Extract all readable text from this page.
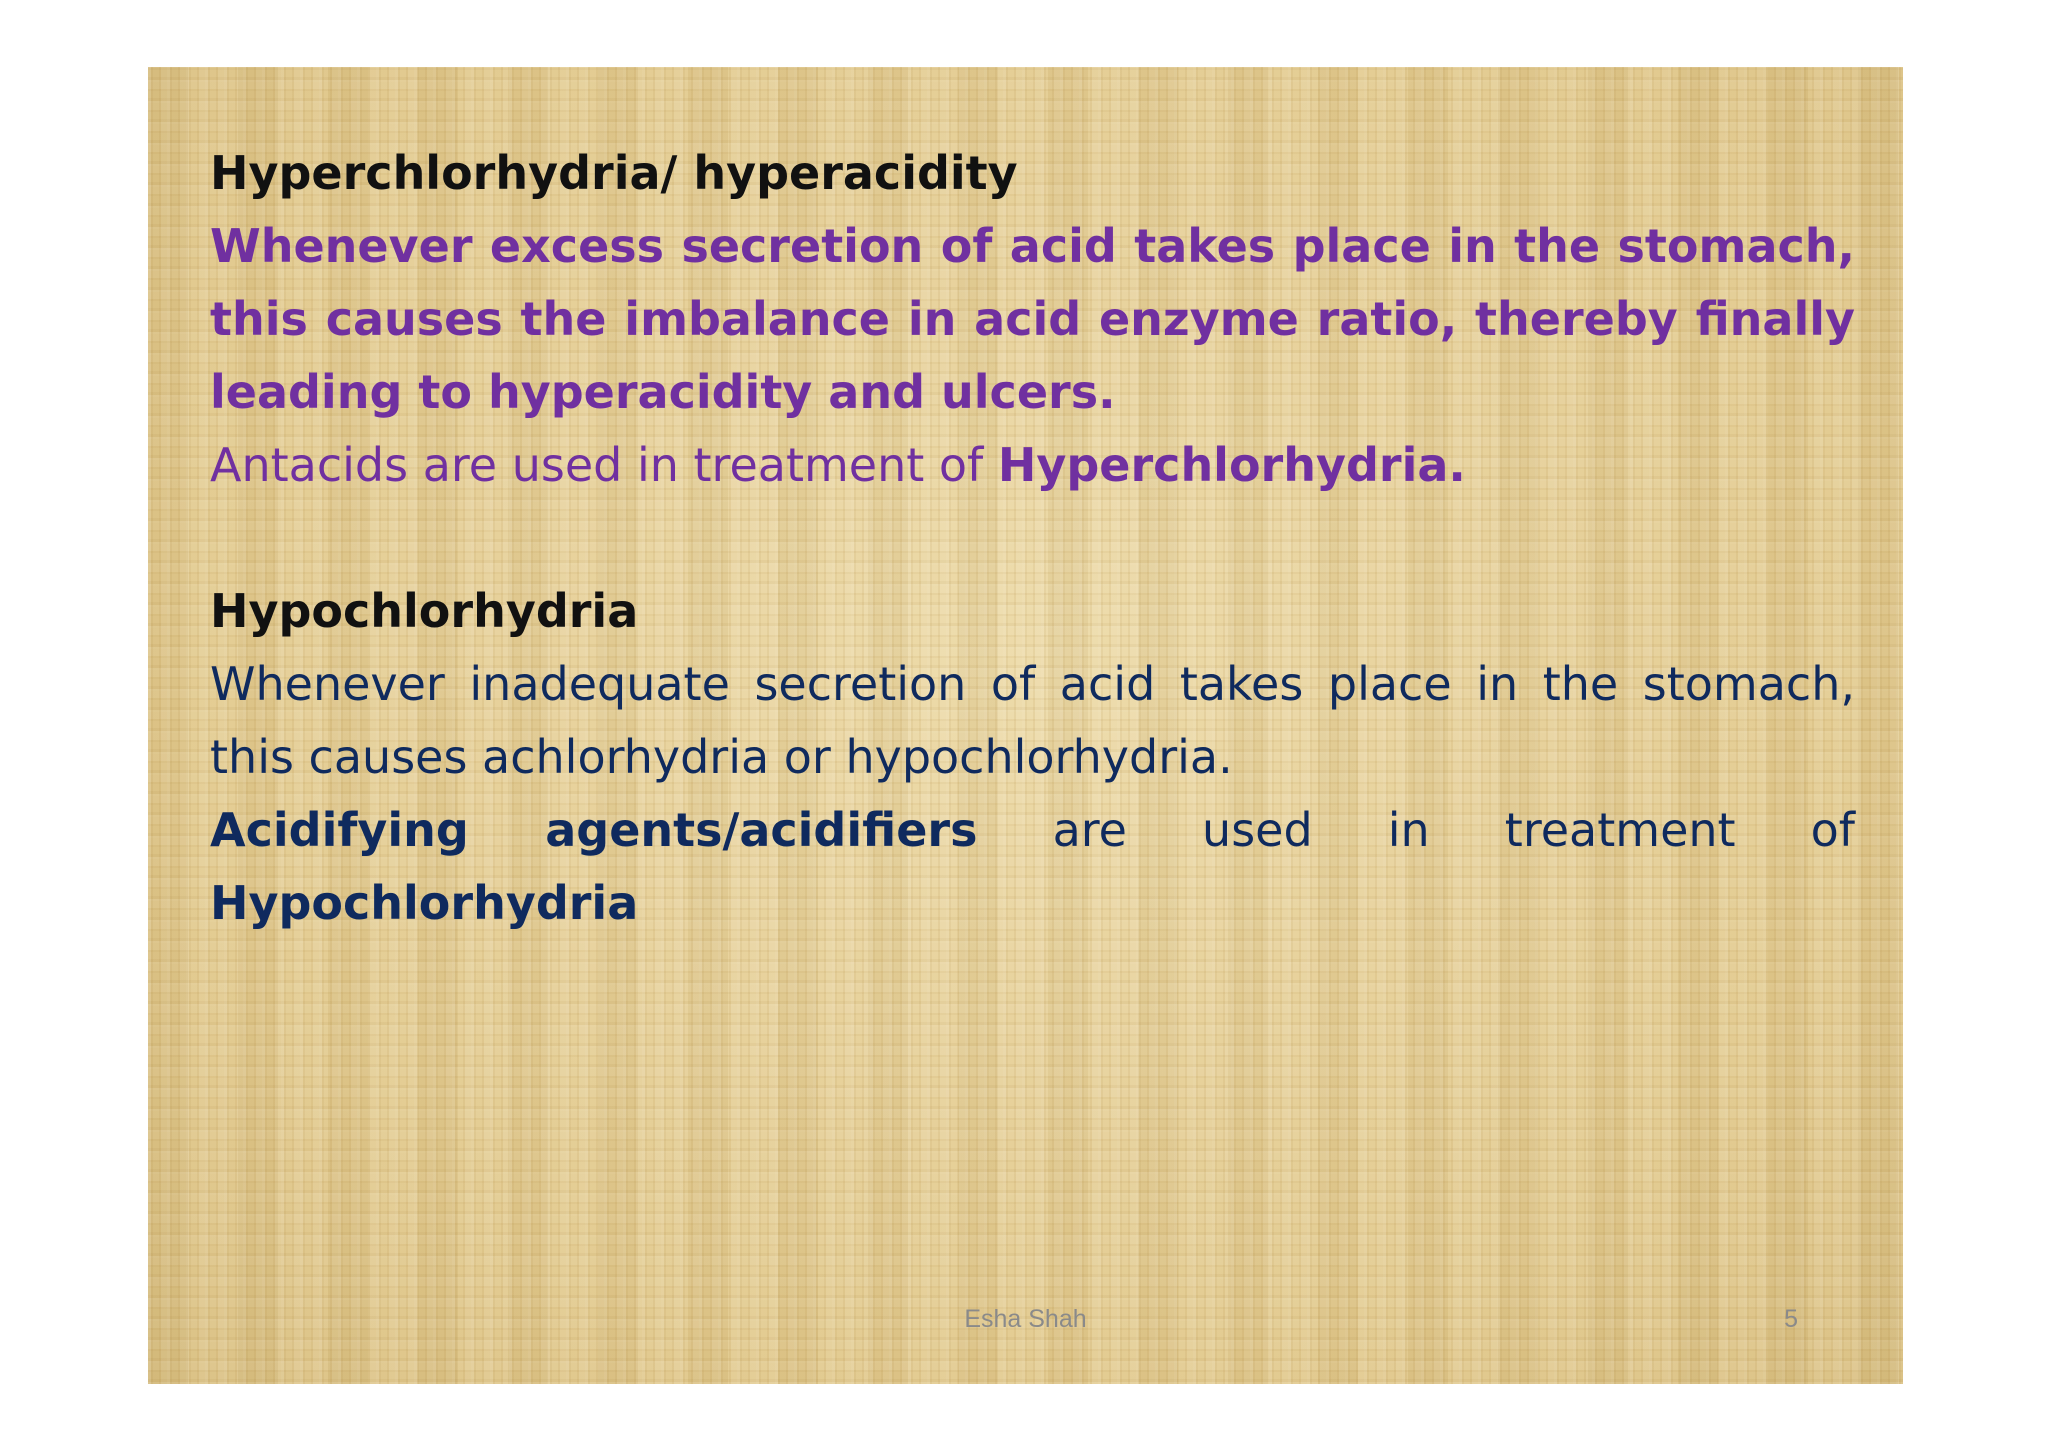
Hyperchlorhydria/ hyperacidity

Whenever excess secretion of acid takes place in the stomach, this causes the imbalance in acid enzyme ratio, thereby finally leading to hyperacidity and ulcers.

Antacids are used in treatment of Hyperchlorhydria.

Hypochlorhydria

Whenever inadequate secretion of acid takes place in the stomach, this causes achlorhydria or hypochlorhydria.

Acidifying agents/acidifiers are used in treatment of Hypochlorhydria

Esha Shah	5
